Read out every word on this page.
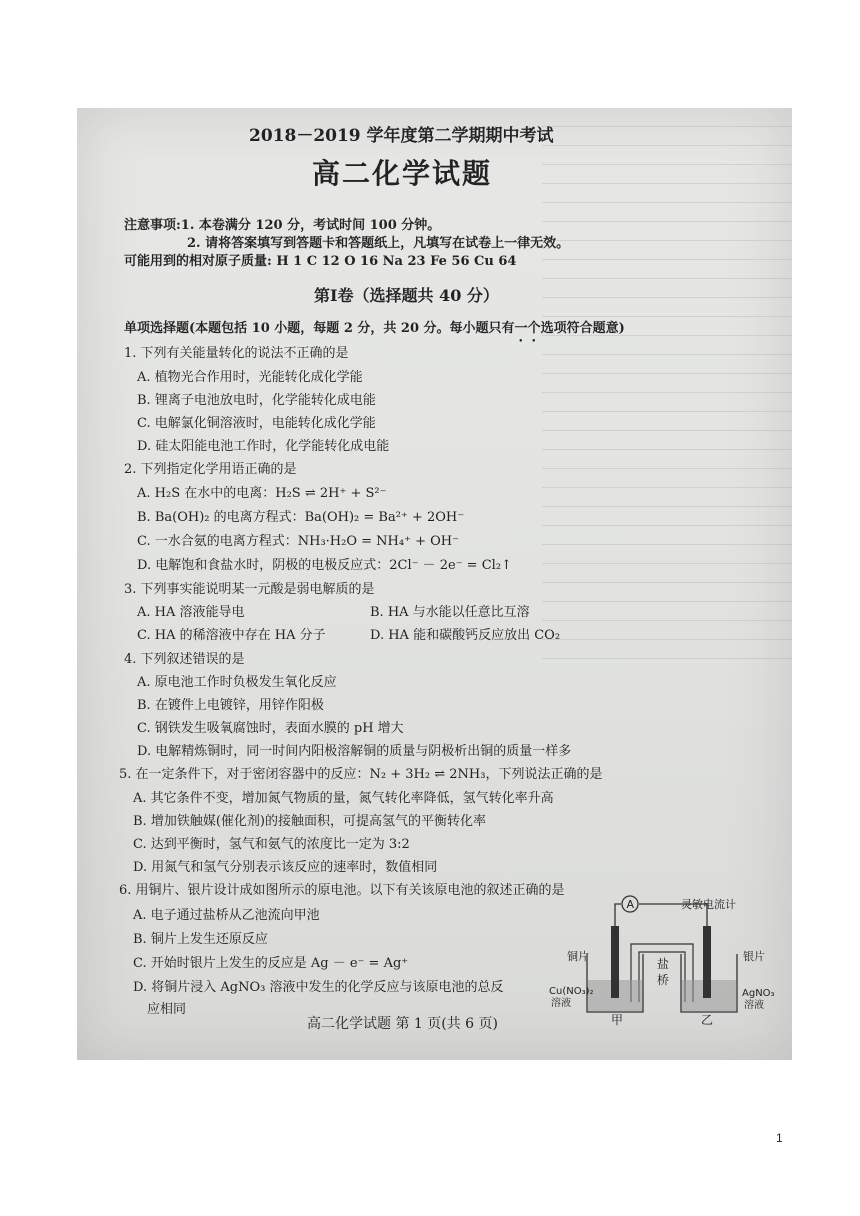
2018－2019 学年度第二学期期中考试
高二化学试题
注意事项:1. 本卷满分 120 分，考试时间 100 分钟。
2. 请将答案填写到答题卡和答题纸上，凡填写在试卷上一律无效。
可能用到的相对原子质量: H 1 C 12 O 16 Na 23 Fe 56 Cu 64
第Ⅰ卷（选择题共 40 分）
单项选择题(本题包括 10 小题，每题 2 分，共 20 分。每小题只有一个选项符合题意)
1. 下列有关能量转化的说法不正确的是
A. 植物光合作用时，光能转化成化学能
B. 锂离子电池放电时，化学能转化成电能
C. 电解氯化铜溶液时，电能转化成化学能
D. 硅太阳能电池工作时，化学能转化成电能
2. 下列指定化学用语正确的是
A. H₂S 在水中的电离：H₂S ⇌ 2H⁺ + S²⁻
B. Ba(OH)₂ 的电离方程式：Ba(OH)₂ = Ba²⁺ + 2OH⁻
C. 一水合氨的电离方程式：NH₃·H₂O = NH₄⁺ + OH⁻
D. 电解饱和食盐水时，阴极的电极反应式：2Cl⁻ － 2e⁻ = Cl₂↑
3. 下列事实能说明某一元酸是弱电解质的是
A. HA 溶液能导电	B. HA 与水能以任意比互溶
C. HA 的稀溶液中存在 HA 分子	D. HA 能和碳酸钙反应放出 CO₂
4. 下列叙述错误的是
A. 原电池工作时负极发生氧化反应
B. 在镀件上电镀锌，用锌作阳极
C. 钢铁发生吸氧腐蚀时，表面水膜的 pH 增大
D. 电解精炼铜时，同一时间内阳极溶解铜的质量与阴极析出铜的质量一样多
5. 在一定条件下，对于密闭容器中的反应：N₂ + 3H₂ ⇌ 2NH₃，下列说法正确的是
A. 其它条件不变，增加氮气物质的量，氮气转化率降低，氢气转化率升高
B. 增加铁触媒(催化剂)的接触面积，可提高氢气的平衡转化率
C. 达到平衡时，氢气和氨气的浓度比一定为 3:2
D. 用氮气和氢气分别表示该反应的速率时，数值相同
6. 用铜片、银片设计成如图所示的原电池。以下有关该原电池的叙述正确的是
A. 电子通过盐桥从乙池流向甲池
B. 铜片上发生还原反应
C. 开始时银片上发生的反应是 Ag － e⁻ = Ag⁺
D. 将铜片浸入 AgNO₃ 溶液中发生的化学反应与该原电池的总反
应相同
A	灵敏电流计
铜片	银片
盐
桥
Cu(NO₃)₂
溶液
AgNO₃
溶液
甲	乙
高二化学试题 第 1 页(共 6 页)
1
